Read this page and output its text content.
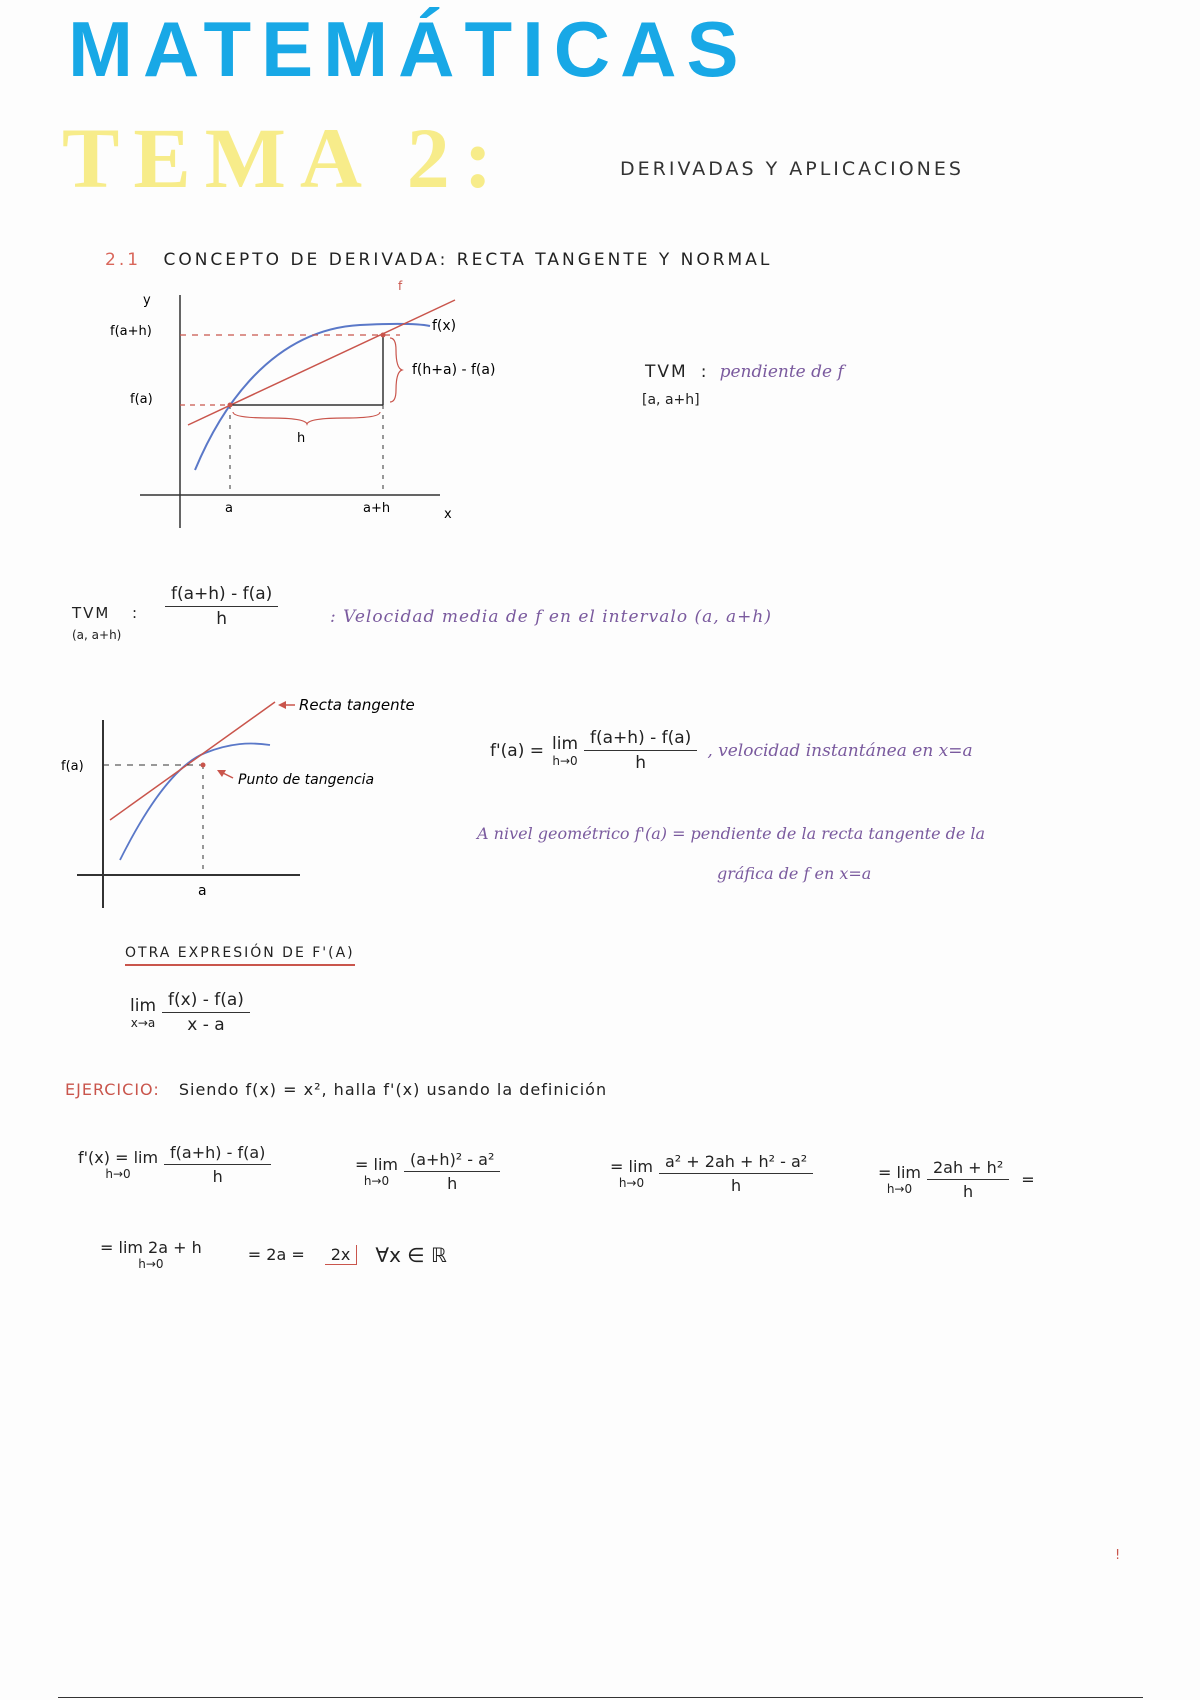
MATEMÁTICAS
TEMA 2:	DERIVADAS Y APLICACIONES
2.1 CONCEPTO DE DERIVADA: RECTA TANGENTE Y NORMAL
y
f(a+h)
f(a)
f(x)
f
f(h+a) - f(a)
h
a	a+h	x
TVM : pendiente de f
[a, a+h]
TVM
(a, a+h)
: $\frac{f(a+h) - f(a)}{h}$	: Velocidad media de f en el intervalo (a, a+h)
Recta tangente
Punto de tangencia
f(a)
a
f'(a) = lim
$h\to 0 \frac{f(a+h) - f(a)}{h}$ , velocidad instantánea en x=a
A nivel geométrico f'(a) = pendiente de la recta tangente de la
gráfica de f en x=a
OTRA EXPRESIÓN DE F'(A)
lim
$x\to a \frac{f(x) - f(a)}{x - a}$
EJERCICIO: Siendo f(x) = x², halla f'(x) usando la definición
f'(x) = lim
$h\to 0 \frac{f(a+h) - f(a)}{h}$	= lim
$h\to 0 \frac{\text{(a+h)² - a²}}{h}$	= lim
$h\to 0 \frac{\text{a² + 2ah + h² - a²}}{h}$	= lim
$h\to 0 \frac{\text{2ah + h²}}{h}$ =
= lim 2a + h
h→0	= 2a =	2x	∀x ∈ ℝ
!
